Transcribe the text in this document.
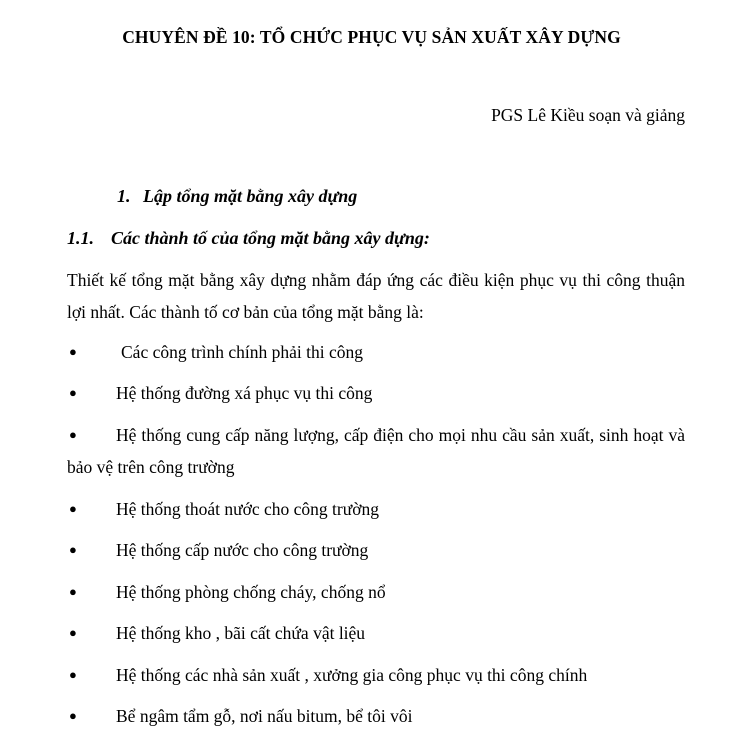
CHUYÊN ĐỀ 10: TỔ CHỨC PHỤC VỤ SẢN XUẤT XÂY DỰNG
PGS Lê Kiều soạn và giảng
1. Lập tổng mặt bằng xây dựng
1.1. Các thành tố của tổng mặt bằng xây dựng:
Thiết kế tổng mặt bằng xây dựng nhằm đáp ứng các điều kiện phục vụ thi công thuận lợi nhất. Các thành tố cơ bản của tổng mặt bằng là:
●	Các công trình chính phải thi công
●	Hệ thống đường xá phục vụ thi công
●	Hệ thống cung cấp năng lượng, cấp điện cho mọi nhu cầu sản xuất, sinh hoạt và bảo vệ trên công trường
●	Hệ thống thoát nước cho công trường
●	Hệ thống cấp nước cho công trường
●	Hệ thống phòng chống cháy, chống nổ
●	Hệ thống kho , bãi cất chứa vật liệu
●	Hệ thống các nhà sản xuất , xưởng gia công phục vụ thi công chính
●	Bể ngâm tẩm gỗ, nơi nấu bitum, bể tôi vôi
